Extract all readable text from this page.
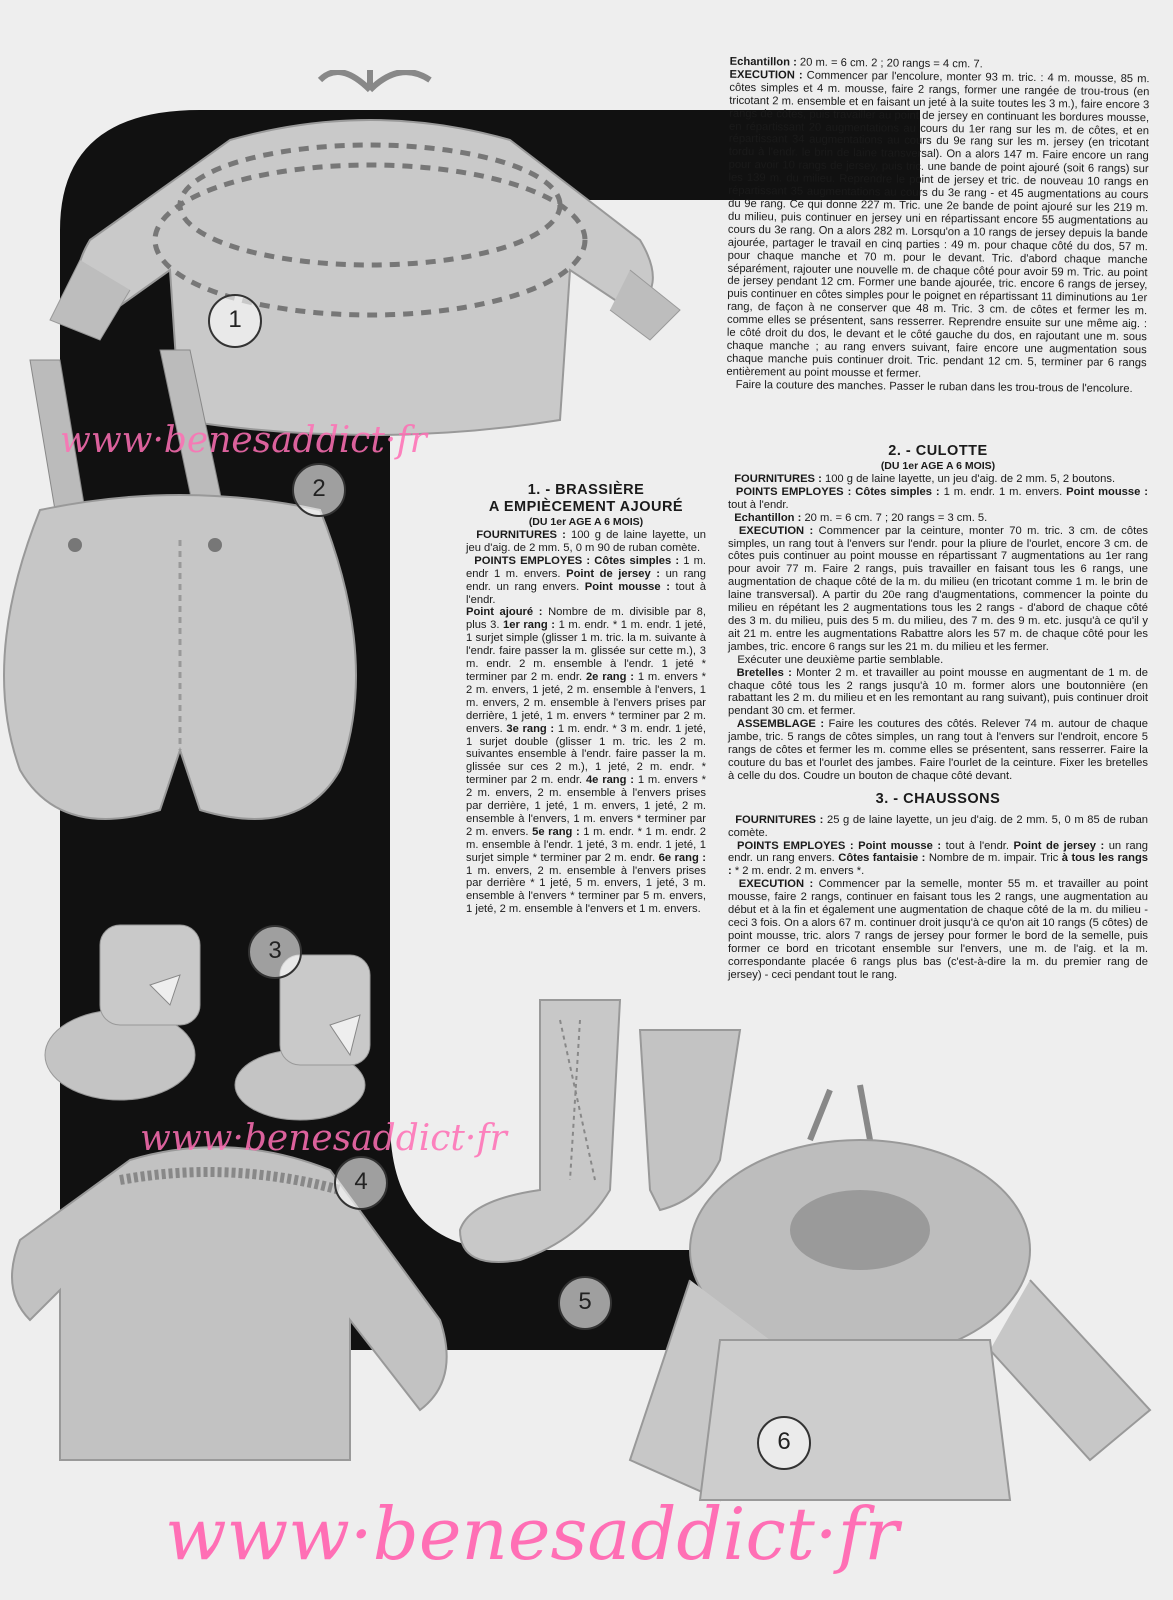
1
2
3
4
5
6

Echantillon : 20 m. = 6 cm. 2 ; 20 rangs = 4 cm. 7.

EXECUTION : Commencer par l'encolure, monter 93 m. tric. : 4 m. mousse, 85 m. côtes simples et 4 m. mousse, faire 2 rangs, former une rangée de trou-trous (en tricotant 2 m. ensemble et en faisant un jeté à la suite toutes les 3 m.), faire encore 3 rangs de côtes, puis travailler au point de jersey en continuant les bordures mousse, en répartissant 20 augmentations au cours du 1er rang sur les m. de côtes, et en répartissant 34 augmentations au cours du 9e rang sur les m. jersey (en tricotant tordu à l'endr. le brin de laine transversal). On a alors 147 m. Faire encore un rang pour avoir 10 rangs de jersey, puis tric. une bande de point ajouré (soit 6 rangs) sur les 139 m. du milieu. Reprendre le point de jersey et tric. de nouveau 10 rangs en répartissant 35 augmentations au cours du 3e rang - et 45 augmentations au cours du 9e rang. Ce qui donne 227 m. Tric. une 2e bande de point ajouré sur les 219 m. du milieu, puis continuer en jersey uni en répartissant encore 55 augmentations au cours du 3e rang. On a alors 282 m. Lorsqu'on a 10 rangs de jersey depuis la bande ajourée, partager le travail en cinq parties : 49 m. pour chaque côté du dos, 57 m. pour chaque manche et 70 m. pour le devant. Tric. d'abord chaque manche séparément, rajouter une nouvelle m. de chaque côté pour avoir 59 m. Tric. au point de jersey pendant 12 cm. Former une bande ajourée, tric. encore 6 rangs de jersey, puis continuer en côtes simples pour le poignet en répartissant 11 diminutions au 1er rang, de façon à ne conserver que 48 m. Tric. 3 cm. de côtes et fermer les m. comme elles se présentent, sans resserrer. Reprendre ensuite sur une même aig. : le côté droit du dos, le devant et le côté gauche du dos, en rajoutant une m. sous chaque manche ; au rang envers suivant, faire encore une augmentation sous chaque manche puis continuer droit. Tric. pendant 12 cm. 5, terminer par 6 rangs entièrement au point mousse et fermer.

Faire la couture des manches. Passer le ruban dans les trou-trous de l'encolure.

1. - BRASSIÈRE

A EMPIÈCEMENT AJOURÉ

(DU 1er AGE A 6 MOIS)

FOURNITURES : 100 g de laine layette, un jeu d'aig. de 2 mm. 5, 0 m 90 de ruban comète.

POINTS EMPLOYES : Côtes simples : 1 m. endr 1 m. envers. Point de jersey : un rang endr. un rang envers. Point mousse : tout à l'endr.

Point ajouré : Nombre de m. divisible par 8, plus 3. 1er rang : 1 m. endr. * 1 m. endr. 1 jeté, 1 surjet simple (glisser 1 m. tric. la m. suivante à l'endr. faire passer la m. glissée sur cette m.), 3 m. endr. 2 m. ensemble à l'endr. 1 jeté * terminer par 2 m. endr. 2e rang : 1 m. envers * 2 m. envers, 1 jeté, 2 m. ensemble à l'envers, 1 m. envers, 2 m. ensemble à l'envers prises par derrière, 1 jeté, 1 m. envers * terminer par 2 m. envers. 3e rang : 1 m. endr. * 3 m. endr. 1 jeté, 1 surjet double (glisser 1 m. tric. les 2 m. suivantes ensemble à l'endr. faire passer la m. glissée sur ces 2 m.), 1 jeté, 2 m. endr. * terminer par 2 m. endr. 4e rang : 1 m. envers * 2 m. envers, 2 m. ensemble à l'envers prises par derrière, 1 jeté, 1 m. envers, 1 jeté, 2 m. ensemble à l'envers, 1 m. envers * terminer par 2 m. envers. 5e rang : 1 m. endr. * 1 m. endr. 2 m. ensemble à l'endr. 1 jeté, 3 m. endr. 1 jeté, 1 surjet simple * terminer par 2 m. endr. 6e rang : 1 m. envers, 2 m. ensemble à l'envers prises par derrière * 1 jeté, 5 m. envers, 1 jeté, 3 m. ensemble à l'envers * terminer par 5 m. envers, 1 jeté, 2 m. ensemble à l'envers et 1 m. envers.

2. - CULOTTE

(DU 1er AGE A 6 MOIS)

FOURNITURES : 100 g de laine layette, un jeu d'aig. de 2 mm. 5, 2 boutons.

POINTS EMPLOYES : Côtes simples : 1 m. endr. 1 m. envers. Point mousse : tout à l'endr.

Echantillon : 20 m. = 6 cm. 7 ; 20 rangs = 3 cm. 5.

EXECUTION : Commencer par la ceinture, monter 70 m. tric. 3 cm. de côtes simples, un rang tout à l'envers sur l'endr. pour la pliure de l'ourlet, encore 3 cm. de côtes puis continuer au point mousse en répartissant 7 augmentations au 1er rang pour avoir 77 m. Faire 2 rangs, puis travailler en faisant tous les 6 rangs, une augmentation de chaque côté de la m. du milieu (en tricotant comme 1 m. le brin de laine transversal). A partir du 20e rang d'augmentations, commencer la pointe du milieu en répétant les 2 augmentations tous les 2 rangs - d'abord de chaque côté des 3 m. du milieu, puis des 5 m. du milieu, des 7 m. des 9 m. etc. jusqu'à ce qu'il y ait 21 m. entre les augmentations Rabattre alors les 57 m. de chaque côté pour les jambes, tric. encore 6 rangs sur les 21 m. du milieu et les fermer.

Exécuter une deuxième partie semblable.

Bretelles : Monter 2 m. et travailler au point mousse en augmentant de 1 m. de chaque côté tous les 2 rangs jusqu'à 10 m. former alors une boutonnière (en rabattant les 2 m. du milieu et en les remontant au rang suivant), puis continuer droit pendant 30 cm. et fermer.

ASSEMBLAGE : Faire les coutures des côtés. Relever 74 m. autour de chaque jambe, tric. 5 rangs de côtes simples, un rang tout à l'envers sur l'endroit, encore 5 rangs de côtes et fermer les m. comme elles se présentent, sans resserrer. Faire la couture du bas et l'ourlet des jambes. Faire l'ourlet de la ceinture. Fixer les bretelles à celle du dos. Coudre un bouton de chaque côté devant.

3. - CHAUSSONS

FOURNITURES : 25 g de laine layette, un jeu d'aig. de 2 mm. 5, 0 m 85 de ruban comète.

POINTS EMPLOYES : Point mousse : tout à l'endr. Point de jersey : un rang endr. un rang envers. Côtes fantaisie : Nombre de m. impair. Tric à tous les rangs : * 2 m. endr. 2 m. envers *.

EXECUTION : Commencer par la semelle, monter 55 m. et travailler au point mousse, faire 2 rangs, continuer en faisant tous les 2 rangs, une augmentation au début et à la fin et également une augmentation de chaque côté de la m. du milieu - ceci 3 fois. On a alors 67 m. continuer droit jusqu'à ce qu'on ait 10 rangs (5 côtes) de point mousse, tric. alors 7 rangs de jersey pour former le bord de la semelle, puis former ce bord en tricotant ensemble sur l'envers, une m. de l'aig. et la m. correspondante placée 6 rangs plus bas (c'est-à-dire la m. du premier rang de jersey) - ceci pendant tout le rang.

www·benesaddict·fr
www·benesaddict·fr
www·benesaddict·fr
